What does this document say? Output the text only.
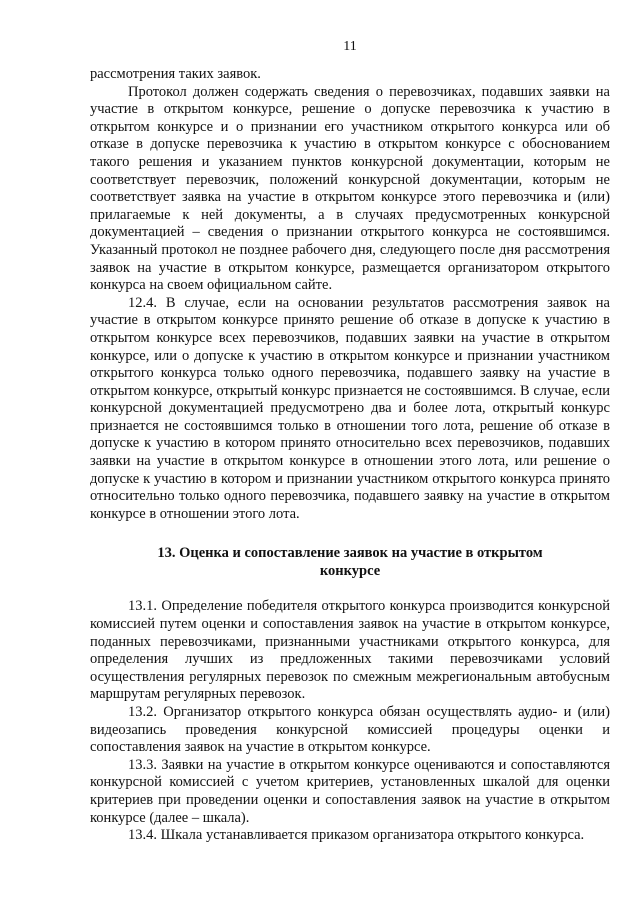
11

рассмотрения таких заявок.

Протокол должен содержать сведения о перевозчиках, подавших заявки на участие в открытом конкурсе, решение о допуске перевозчика к участию в открытом конкурсе и о признании его участником открытого конкурса или об отказе в допуске перевозчика к участию в открытом конкурсе с обоснованием такого решения и указанием пунктов конкурсной документации, которым не соответствует перевозчик, положений конкурсной документации, которым не соответствует заявка на участие в открытом конкурсе этого перевозчика и (или) прилагаемые к ней документы, а в случаях предусмотренных конкурсной документацией – сведения о признании открытого конкурса не состоявшимся. Указанный протокол не позднее рабочего дня, следующего после дня рассмотрения заявок на участие в открытом конкурсе, размещается организатором открытого конкурса на своем официальном сайте.

12.4. В случае, если на основании результатов рассмотрения заявок на участие в открытом конкурсе принято решение об отказе в допуске к участию в открытом конкурсе всех перевозчиков, подавших заявки на участие в открытом конкурсе, или о допуске к участию в открытом конкурсе и признании участником открытого конкурса только одного перевозчика, подавшего заявку на участие в открытом конкурсе, открытый конкурс признается не состоявшимся. В случае, если конкурсной документацией предусмотрено два и более лота, открытый конкурс признается не состоявшимся только в отношении того лота, решение об отказе в допуске к участию в котором принято относительно всех перевозчиков, подавших заявки на участие в открытом конкурсе в отношении этого лота, или решение о допуске к участию в котором и признании участником открытого конкурса принято относительно только одного перевозчика, подавшего заявку на участие в открытом конкурсе в отношении этого лота.

13. Оценка и сопоставление заявок на участие в открытом конкурсе

13.1. Определение победителя открытого конкурса производится конкурсной комиссией путем оценки и сопоставления заявок на участие в открытом конкурсе, поданных перевозчиками, признанными участниками открытого конкурса, для определения лучших из предложенных такими перевозчиками условий осуществления регулярных перевозок по смежным межрегиональным автобусным маршрутам регулярных перевозок.

13.2. Организатор открытого конкурса обязан осуществлять аудио- и (или) видеозапись проведения конкурсной комиссией процедуры оценки и сопоставления заявок на участие в открытом конкурсе.

13.3. Заявки на участие в открытом конкурсе оцениваются и сопоставляются конкурсной комиссией с учетом критериев, установленных шкалой для оценки критериев при проведении оценки и сопоставления заявок на участие в открытом конкурсе (далее – шкала).

13.4. Шкала устанавливается приказом организатора открытого конкурса.
